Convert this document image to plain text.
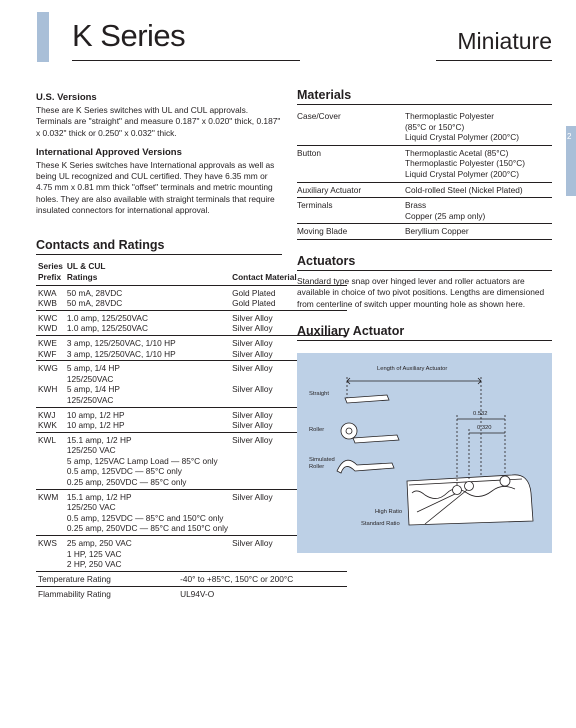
K Series	Miniature
2
U.S. Versions
These are K Series switches with UL and CUL approvals. Terminals are "straight" and measure 0.187" x 0.020" thick, 0.187" x 0.032" thick or 0.250" x 0.032" thick.
International Approved Versions
These K Series switches have International approvals as well as being UL recognized and CUL certified. They have 6.35 mm or 4.75 mm x 0.81 mm thick "offset" terminals and metric mounting holes. They are also available with straight terminals that require insulated connectors for international approval.
Contacts and Ratings
Series
Prefix	UL & CUL
Ratings	Contact Material
KWA	50 mA, 28VDC	Gold Plated
KWB	50 mA, 28VDC	Gold Plated
KWC	1.0 amp, 125/250VAC	Silver Alloy
KWD	1.0 amp, 125/250VAC	Silver Alloy
KWE	3 amp, 125/250VAC, 1/10 HP	Silver Alloy
KWF	3 amp, 125/250VAC, 1/10 HP	Silver Alloy
KWG	5 amp, 1/4 HP	Silver Alloy
	125/250VAC	
KWH	5 amp, 1/4 HP	Silver Alloy
	125/250VAC	
KWJ	10 amp, 1/2 HP	Silver Alloy
KWK	10 amp, 1/2 HP	Silver Alloy
KWL	15.1 amp, 1/2 HP	Silver Alloy
	125/250 VAC	
	5 amp, 125VAC Lamp Load — 85°C only	
	0.5 amp, 125VDC — 85°C only	
	0.25 amp, 250VDC — 85°C only	
KWM	15.1 amp, 1/2 HP	Silver Alloy
	125/250 VAC	
	0.5 amp, 125VDC — 85°C and 150°C only	
	0.25 amp, 250VDC — 85°C and 150°C only	
KWS	25 amp, 250 VAC	Silver Alloy
	1 HP, 125 VAC	
	2 HP, 250 VAC	
Temperature Rating	-40° to +85°C, 150°C or 200°C
Flammability Rating	UL94V-O
Materials
Case/Cover	Thermoplastic Polyester
(85°C or 150°C)
Liquid Crystal Polymer (200°C)

Button	Thermoplastic Acetal (85°C)
Thermoplastic Polyester (150°C)
Liquid Crystal Polymer (200°C)

Auxiliary Actuator	Cold-rolled Steel (Nickel Plated)

Terminals	Brass
Copper (25 amp only)

Moving Blade	Beryllium Copper
Actuators
Standard type snap over hinged lever and roller actuators are available in choice of two pivot positions. Lengths are dimensioned from centerline of switch upper mounting hole as shown here.
Auxiliary Actuator
Length of Auxiliary Actuator
Straight
Roller
Simulated
Roller
0.532
0.320
High Ratio
Standard Ratio
